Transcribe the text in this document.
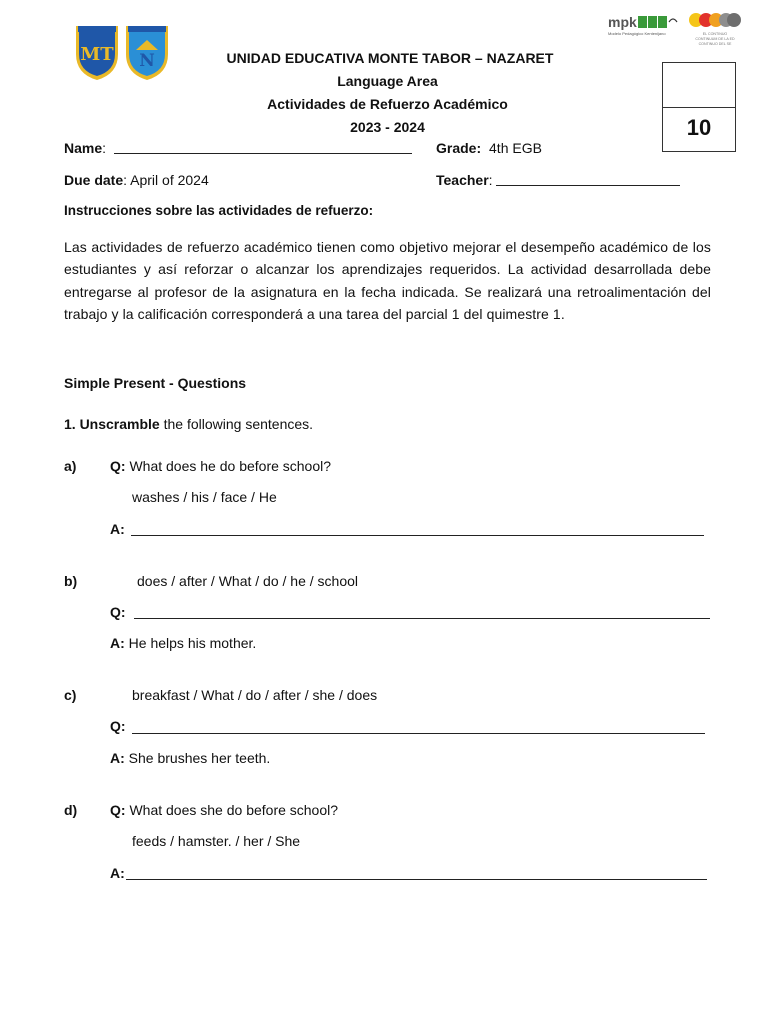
MT N
mpk
Modelo Pedagógico Kentenijano	EL CONTINUO
CONTINUUM DE LA ED
CONTINUO DEL SE
UNIDAD EDUCATIVA MONTE TABOR – NAZARET
Language Area
Actividades de Refuerzo Académico
2023 - 2024	10
Name:	Grade: 4th EGB
Due date: April of 2024	Teacher:
Instrucciones sobre las actividades de refuerzo:
Las actividades de refuerzo académico tienen como objetivo mejorar el desempeño académico de los estudiantes y así reforzar o alcanzar los aprendizajes requeridos. La actividad desarrollada debe entregarse al profesor de la asignatura en la fecha indicada. Se realizará una retroalimentación del trabajo y la calificación corresponderá a una tarea del parcial 1 del quimestre 1.
Simple Present - Questions
1. Unscramble the following sentences.
a) Q: What does he do before school?
washes / his / face / He
A:
b)	does / after / What / do / he / school
Q:
A: He helps his mother.
c)	breakfast / What / do / after / she / does
Q:
A: She brushes her teeth.
d) Q: What does she do before school?
feeds / hamster. / her / She
A:
